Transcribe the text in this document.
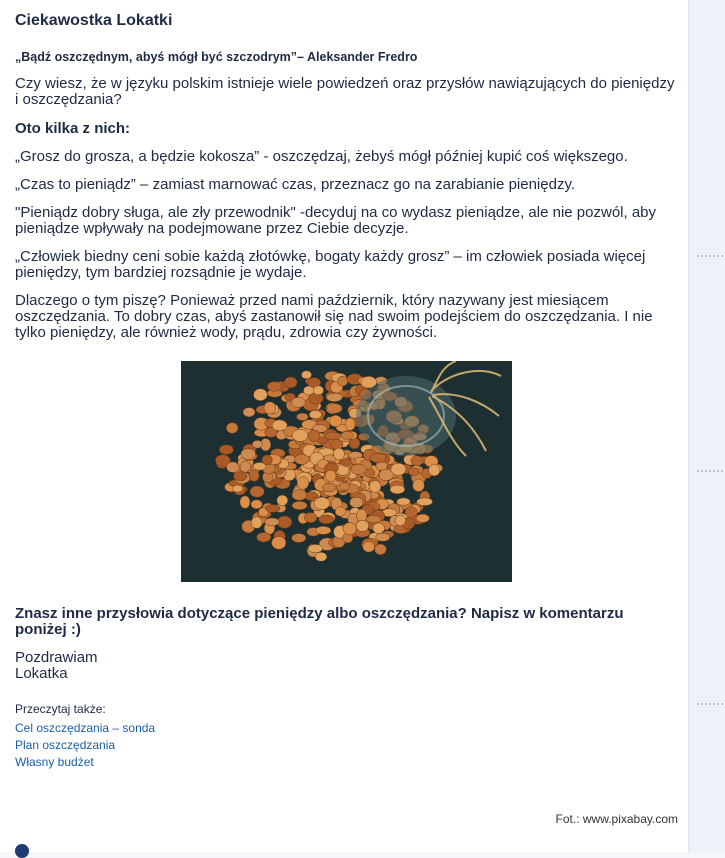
Ciekawostka Lokatki
„Bądź oszczędnym, abyś mógł być szczodrym”– Aleksander Fredro

Czy wiesz, że w języku polskim istnieje wiele powiedzeń oraz przysłów nawiązujących do pieniędzy i oszczędzania?

Oto kilka z nich:

„Grosz do grosza, a będzie kokosza” - oszczędzaj, żebyś mógł później kupić coś większego.

„Czas to pieniądz” – zamiast marnować czas, przeznacz go na zarabianie pieniędzy.

"Pieniądz dobry sługa, ale zły przewodnik" -decyduj na co wydasz pieniądze, ale nie pozwól, aby pieniądze wpływały na podejmowane przez Ciebie decyzje.

„Człowiek biedny ceni sobie każdą złotówkę, bogaty każdy grosz” – im człowiek posiada więcej pieniędzy, tym bardziej rozsądnie je wydaje.

Dlaczego o tym piszę? Ponieważ przed nami październik, który nazywany jest miesiącem oszczędzania. To dobry czas, abyś zastanowił się nad swoim podejściem do oszczędzania. I nie tylko pieniędzy, ale również wody, prądu, zdrowia czy żywności.

Znasz inne przysłowia dotyczące pieniędzy albo oszczędzania? Napisz w komentarzu poniżej :)

Pozdrawiam

Lokatka

Przeczytaj także:
Cel oszczędzania – sonda
Plan oszczędzania
Własny budżet
Fot.: www.pixabay.com
